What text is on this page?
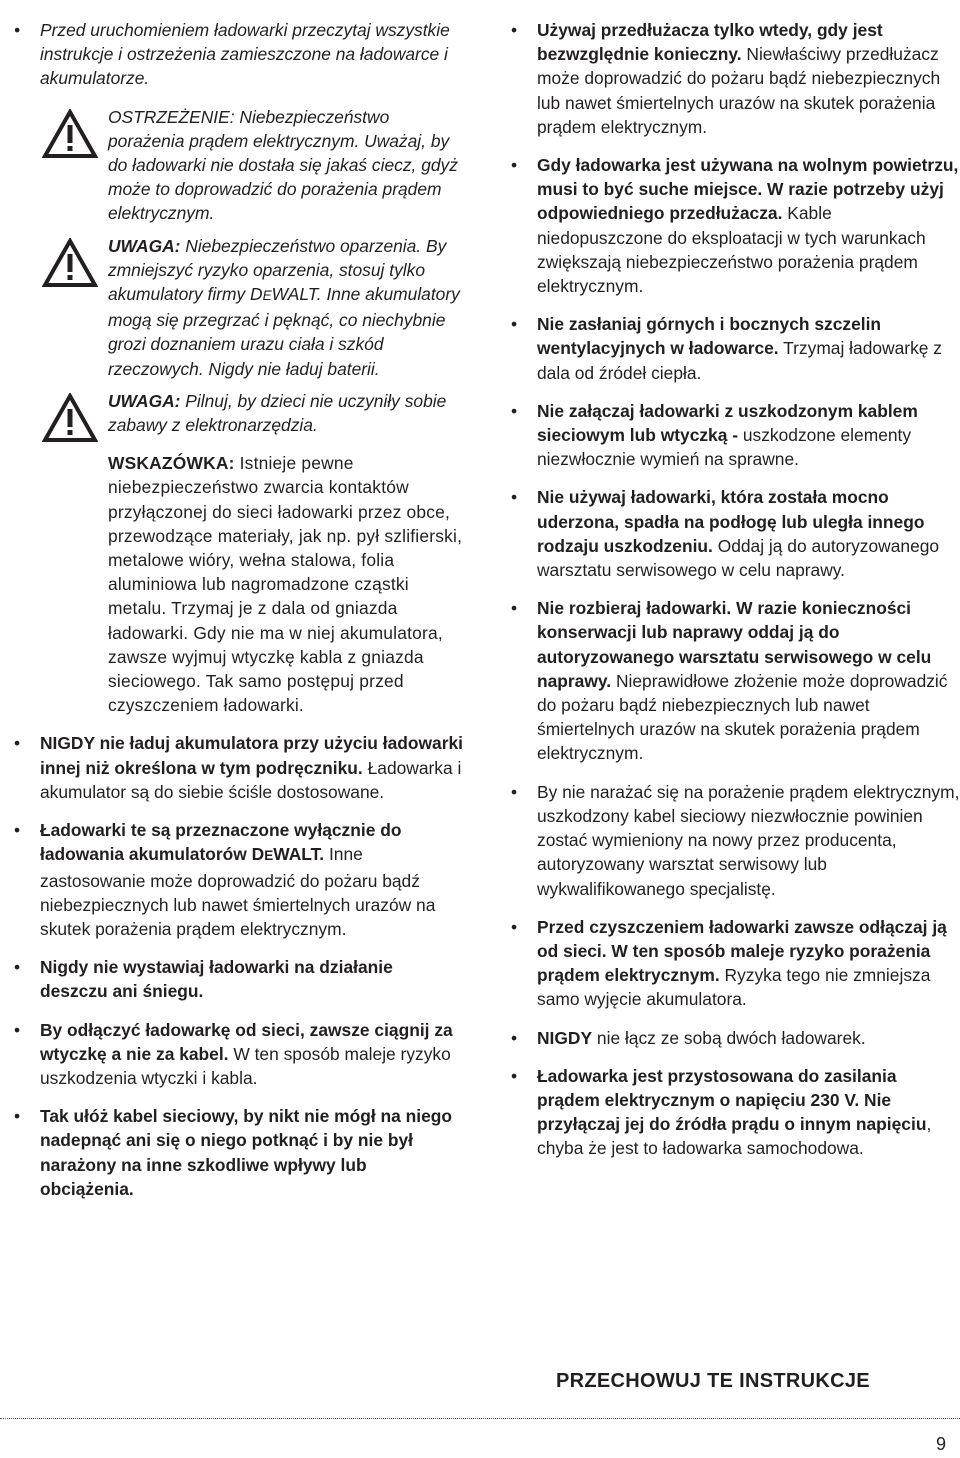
• Przed uruchomieniem ładowarki przeczytaj wszystkie instrukcje i ostrzeżenia zamieszczone na ładowarce i akumulatorze.
OSTRZEŻENIE: Niebezpieczeństwo porażenia prądem elektrycznym. Uważaj, by do ładowarki nie dostała się jakaś ciecz, gdyż może to doprowadzić do porażenia prądem elektrycznym.
UWAGA: Niebezpieczeństwo oparzenia. By zmniejszyć ryzyko oparzenia, stosuj tylko akumulatory firmy DEWALT. Inne akumulatory mogą się przegrzać i pęknąć, co niechybnie grozi doznaniem urazu ciała i szkód rzeczowych. Nigdy nie ładuj baterii.
UWAGA: Pilnuj, by dzieci nie uczyniły sobie zabawy z elektronarzędzia.
WSKAZÓWKA: Istnieje pewne niebezpieczeństwo zwarcia kontaktów przyłączonej do sieci ładowarki przez obce, przewodzące materiały, jak np. pył szlifierski, metalowe wióry, wełna stalowa, folia aluminiowa lub nagromadzone cząstki metalu. Trzymaj je z dala od gniazda ładowarki. Gdy nie ma w niej akumulatora, zawsze wyjmuj wtyczkę kabla z gniazda sieciowego. Tak samo postępuj przed czyszczeniem ładowarki.
• NIGDY nie ładuj akumulatora przy użyciu ładowarki innej niż określona w tym podręczniku. Ładowarka i akumulator są do siebie ściśle dostosowane.
• Ładowarki te są przeznaczone wyłącznie do ładowania akumulatorów DEWALT. Inne zastosowanie może doprowadzić do pożaru bądź niebezpiecznych lub nawet śmiertelnych urazów na skutek porażenia prądem elektrycznym.
• Nigdy nie wystawiaj ładowarki na działanie deszczu ani śniegu.
• By odłączyć ładowarkę od sieci, zawsze ciągnij za wtyczkę a nie za kabel. W ten sposób maleje ryzyko uszkodzenia wtyczki i kabla.
• Tak ułóż kabel sieciowy, by nikt nie mógł na niego nadepnąć ani się o niego potknąć i by nie był narażony na inne szkodliwe wpływy lub obciążenia.
• Używaj przedłużacza tylko wtedy, gdy jest bezwzględnie konieczny. Niewłaściwy przedłużacz może doprowadzić do pożaru bądź niebezpiecznych lub nawet śmiertelnych urazów na skutek porażenia prądem elektrycznym.
• Gdy ładowarka jest używana na wolnym powietrzu, musi to być suche miejsce. W razie potrzeby użyj odpowiedniego przedłużacza. Kable niedopuszczone do eksploatacji w tych warunkach zwiększają niebezpieczeństwo porażenia prądem elektrycznym.
• Nie zasłaniaj górnych i bocznych szczelin wentylacyjnych w ładowarce. Trzymaj ładowarkę z dala od źródeł ciepła.
• Nie załączaj ładowarki z uszkodzonym kablem sieciowym lub wtyczką - uszkodzone elementy niezwłocznie wymień na sprawne.
• Nie używaj ładowarki, która została mocno uderzona, spadła na podłogę lub uległa innego rodzaju uszkodzeniu. Oddaj ją do autoryzowanego warsztatu serwisowego w celu naprawy.
• Nie rozbieraj ładowarki. W razie konieczności konserwacji lub naprawy oddaj ją do autoryzowanego warsztatu serwisowego w celu naprawy. Nieprawidłowe złożenie może doprowadzić do pożaru bądź niebezpiecznych lub nawet śmiertelnych urazów na skutek porażenia prądem elektrycznym.
• By nie narażać się na porażenie prądem elektrycznym, uszkodzony kabel sieciowy niezwłocznie powinien zostać wymieniony na nowy przez producenta, autoryzowany warsztat serwisowy lub wykwalifikowanego specjalistę.
• Przed czyszczeniem ładowarki zawsze odłączaj ją od sieci. W ten sposób maleje ryzyko porażenia prądem elektrycznym. Ryzyka tego nie zmniejsza samo wyjęcie akumulatora.
• NIGDY nie łącz ze sobą dwóch ładowarek.
• Ładowarka jest przystosowana do zasilania prądem elektrycznym o napięciu 230 V. Nie przyłączaj jej do źródła prądu o innym napięciu, chyba że jest to ładowarka samochodowa.
PRZECHOWUJ TE INSTRUKCJE
9
